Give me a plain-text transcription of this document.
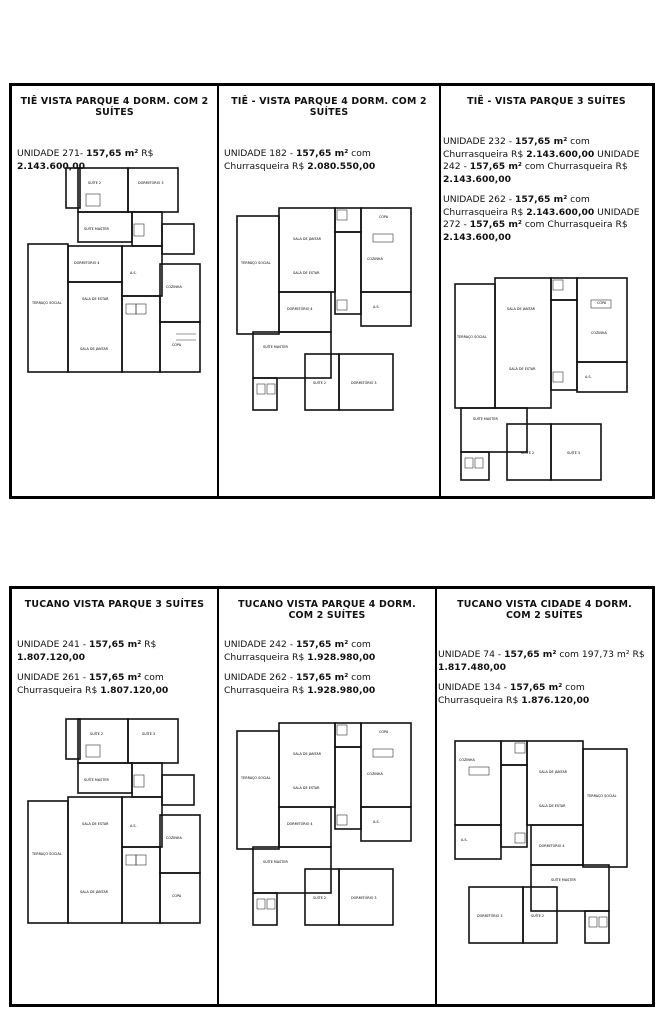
TIÊ VISTA PARQUE 4 DORM. COM 2 SUÍTES

UNIDADE 271- 157,65 m² R$ 2.143.600,00

SUÍTE 2	DORMITÓRIO 3
SUÍTE MASTER
DORMITÓRIO 4
TERRAÇO SOCIAL
SALA DE ESTAR
SALA DE JANTAR
COZINHA
COPA
A.S.
TIÊ - VISTA PARQUE 4 DORM. COM 2 SUÍTES

UNIDADE 182 - 157,65 m² com Churrasqueira R$ 2.080.550,00

TERRAÇO SOCIAL
SALA DE JANTAR
SALA DE ESTAR
COZINHA
COPA
DORMITÓRIO 4
SUÍTE MASTER
SUÍTE 2	DORMITÓRIO 3
A.S.
TIÊ - VISTA PARQUE 3 SUÍTES

UNIDADE 232 - 157,65 m² com Churrasqueira R$ 2.143.600,00 UNIDADE 242 - 157,65 m² com Churrasqueira R$ 2.143.600,00

UNIDADE 262 - 157,65 m² com Churrasqueira R$ 2.143.600,00 UNIDADE 272 - 157,65 m² com Churrasqueira R$ 2.143.600,00

TERRAÇO SOCIAL
SALA DE JANTAR
SALA DE ESTAR
COPA
COZINHA
SUÍTE MASTER
SUÍTE 2	SUÍTE 3
A.S.
TUCANO VISTA PARQUE 3 SUÍTES

UNIDADE 241 - 157,65 m² R$ 1.807.120,00

UNIDADE 261 - 157,65 m² com Churrasqueira R$ 1.807.120,00

SUÍTE 2	SUÍTE 3
SUÍTE MASTER
TERRAÇO SOCIAL
SALA DE ESTAR
SALA DE JANTAR
COZINHA
COPA
A.S.
TUCANO VISTA PARQUE 4 DORM. COM 2 SUÍTES

UNIDADE 242 - 157,65 m² com Churrasqueira R$ 1.928.980,00

UNIDADE 262 - 157,65 m² com Churrasqueira R$ 1.928.980,00

TERRAÇO SOCIAL
SALA DE JANTAR
SALA DE ESTAR
COZINHA
COPA
DORMITÓRIO 4
SUÍTE MASTER
SUÍTE 2	DORMITÓRIO 3
A.S.
TUCANO VISTA CIDADE 4 DORM. COM 2 SUÍTES

UNIDADE 74 - 157,65 m² com 197,73 m² R$ 1.817.480,00

UNIDADE 134 - 157,65 m² com Churrasqueira R$ 1.876.120,00

COZINHA
SALA DE JANTAR
SALA DE ESTAR
TERRAÇO SOCIAL
DORMITÓRIO 4
SUÍTE MASTER
DORMITÓRIO 3	SUÍTE 2
A.S.
